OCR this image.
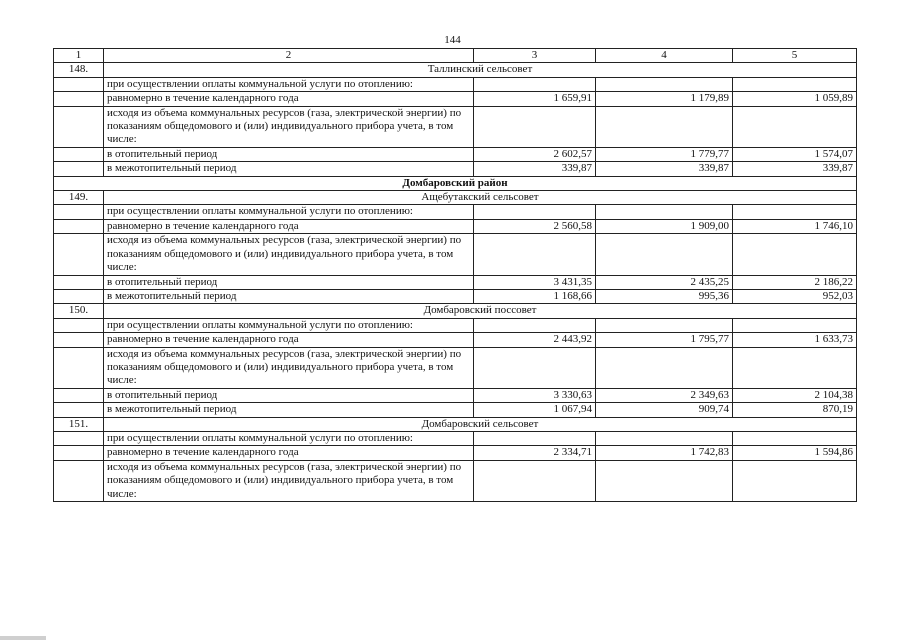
144
1	2	3	4	5
148.	Таллинский сельсовет			
	при осуществлении оплаты коммунальной услуги по отоплению:			
	равномерно в течение календарного года	1 659,91	1 179,89	1 059,89
	исходя из объема коммунальных ресурсов (газа, электрической энергии) по показаниям общедомового и (или) индивидуального прибора учета, в том числе:			
	в отопительный период	2 602,57	1 779,77	1 574,07
	в межотопительный период	339,87	339,87	339,87
Домбаровский район				
149.	Ащебутакский сельсовет			
	при осуществлении оплаты коммунальной услуги по отоплению:			
	равномерно в течение календарного года	2 560,58	1 909,00	1 746,10
	исходя из объема коммунальных ресурсов (газа, электрической энергии) по показаниям общедомового и (или) индивидуального прибора учета, в том числе:			
	в отопительный период	3 431,35	2 435,25	2 186,22
	в межотопительный период	1 168,66	995,36	952,03
150.	Домбаровский поссовет			
	при осуществлении оплаты коммунальной услуги по отоплению:			
	равномерно в течение календарного года	2 443,92	1 795,77	1 633,73
	исходя из объема коммунальных ресурсов (газа, электрической энергии) по показаниям общедомового и (или) индивидуального прибора учета, в том числе:			
	в отопительный период	3 330,63	2 349,63	2 104,38
	в межотопительный период	1 067,94	909,74	870,19
151.	Домбаровский сельсовет			
	при осуществлении оплаты коммунальной услуги по отоплению:			
	равномерно в течение календарного года	2 334,71	1 742,83	1 594,86
	исходя из объема коммунальных ресурсов (газа, электрической энергии) по показаниям общедомового и (или) индивидуального прибора учета, в том числе:			
